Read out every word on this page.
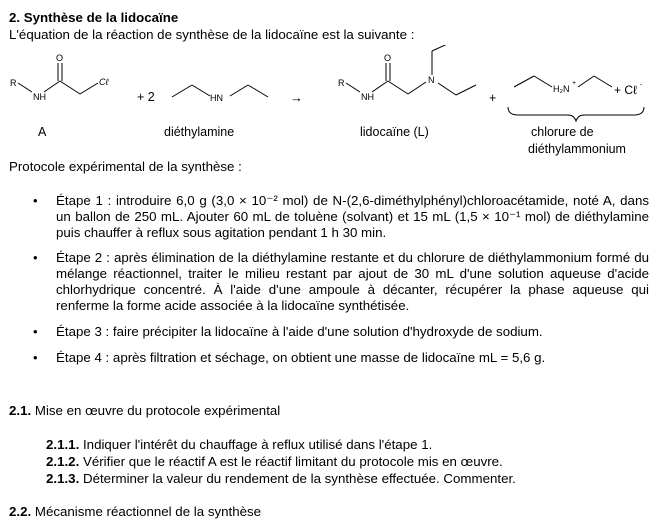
2. Synthèse de la lidocaïne
L'équation de la réaction de synthèse de la lidocaïne est la suivante :
R
NH
O
Cℓ
+ 2	HN	→
R
NH
O
N
+
H₂N
+	+ Cℓ -
A	diéthylamine	lidocaïne (L)	chlorure de
diéthylammonium
Protocole expérimental de la synthèse :
• Étape 1 : introduire 6,0 g (3,0 × 10⁻² mol) de N-(2,6-diméthylphényl)chloroacétamide, noté A, dans un ballon de 250 mL. Ajouter 60 mL de toluène (solvant) et 15 mL (1,5 × 10⁻¹ mol) de diéthylamine puis chauffer à reflux sous agitation pendant 1 h 30 min.
• Étape 2 : après élimination de la diéthylamine restante et du chlorure de diéthylammonium formé du mélange réactionnel, traiter le milieu restant par ajout de 30 mL d'une solution aqueuse d'acide chlorhydrique concentré. À l'aide d'une ampoule à décanter, récupérer la phase aqueuse qui renferme la forme acide associée à la lidocaïne synthétisée.
• Étape 3 : faire précipiter la lidocaïne à l'aide d'une solution d'hydroxyde de sodium.
• Étape 4 : après filtration et séchage, on obtient une masse de lidocaïne mL = 5,6 g.
2.1. Mise en œuvre du protocole expérimental
2.1.1. Indiquer l'intérêt du chauffage à reflux utilisé dans l'étape 1.
2.1.2. Vérifier que le réactif A est le réactif limitant du protocole mis en œuvre.
2.1.3. Déterminer la valeur du rendement de la synthèse effectuée. Commenter.
2.2. Mécanisme réactionnel de la synthèse
